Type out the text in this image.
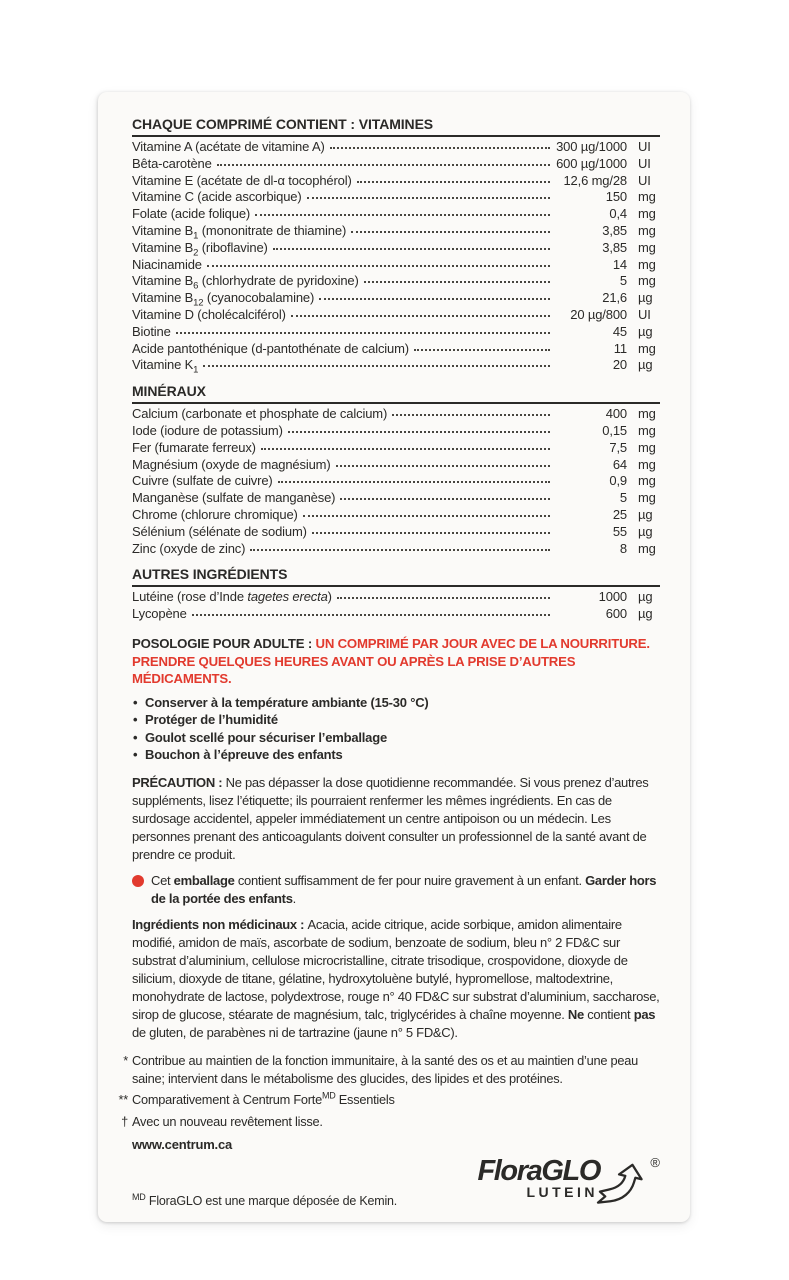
CHAQUE COMPRIMÉ CONTIENT : VITAMINES
Vitamine A (acétate de vitamine A)	300 µg/1000 UI
Bêta-carotène	600 µg/1000 UI
Vitamine E (acétate de dl-α tocophérol)	12,6 mg/28 UI
Vitamine C (acide ascorbique)	150 mg
Folate (acide folique)	0,4 mg
Vitamine $B_1$ (mononitrate de thiamine)	3,85 mg
Vitamine $B_2$ (riboflavine)	3,85 mg
Niacinamide	14 mg
Vitamine $B_6$ (chlorhydrate de pyridoxine)	5 mg
Vitamine $B_{12}$ (cyanocobalamine)	21,6 µg
Vitamine D (cholécalciférol)	20 µg/800 UI
Biotine	45 µg
Acide pantothénique (d-pantothénate de calcium)	11 mg
Vitamine $K_1$	20 µg
MINÉRAUX
Calcium (carbonate et phosphate de calcium)	400 mg
Iode (iodure de potassium)	0,15 mg
Fer (fumarate ferreux)	7,5 mg
Magnésium (oxyde de magnésium)	64 mg
Cuivre (sulfate de cuivre)	0,9 mg
Manganèse (sulfate de manganèse)	5 mg
Chrome (chlorure chromique)	25 µg
Sélénium (sélénate de sodium)	55 µg
Zinc (oxyde de zinc)	8 mg
AUTRES INGRÉDIENTS
Lutéine (rose d’Inde tagetes erecta)	1000 µg
Lycopène	600 µg
POSOLOGIE POUR ADULTE : UN COMPRIMÉ PAR JOUR AVEC DE LA NOURRITURE. PRENDRE QUELQUES HEURES AVANT OU APRÈS LA PRISE D’AUTRES MÉDICAMENTS.
• Conserver à la température ambiante (15-30 °C)
• Protéger de l’humidité
• Goulot scellé pour sécuriser l’emballage
• Bouchon à l’épreuve des enfants
PRÉCAUTION : Ne pas dépasser la dose quotidienne recommandée. Si vous prenez d’autres suppléments, lisez l’étiquette; ils pourraient renfermer les mêmes ingrédients. En cas de surdosage accidentel, appeler immédiatement un centre antipoison ou un médecin. Les personnes prenant des anticoagulants doivent consulter un professionnel de la santé avant de prendre ce produit.
Cet emballage contient suffisamment de fer pour nuire gravement à un enfant. Garder hors de la portée des enfants.
Ingrédients non médicinaux : Acacia, acide citrique, acide sorbique, amidon alimentaire modifié, amidon de maïs, ascorbate de sodium, benzoate de sodium, bleu n° 2 FD&C sur substrat d’aluminium, cellulose microcristalline, citrate trisodique, crospovidone, dioxyde de silicium, dioxyde de titane, gélatine, hydroxytoluène butylé, hypromellose, maltodextrine, monohydrate de lactose, polydextrose, rouge n° 40 FD&C sur substrat d’aluminium, saccharose, sirop de glucose, stéarate de magnésium, talc, triglycérides à chaîne moyenne. Ne contient pas de gluten, de parabènes ni de tartrazine (jaune n° 5 FD&C).
* Contribue au maintien de la fonction immunitaire, à la santé des os et au maintien d’une peau saine; intervient dans le métabolisme des glucides, des lipides et des protéines.
** Comparativement à Centrum Forte$^{MD}$ Essentiels
† Avec un nouveau revêtement lisse.
www.centrum.ca
$^{MD}$ FloraGLO est une marque déposée de Kemin.
FloraGLO
LUTEIN
®
